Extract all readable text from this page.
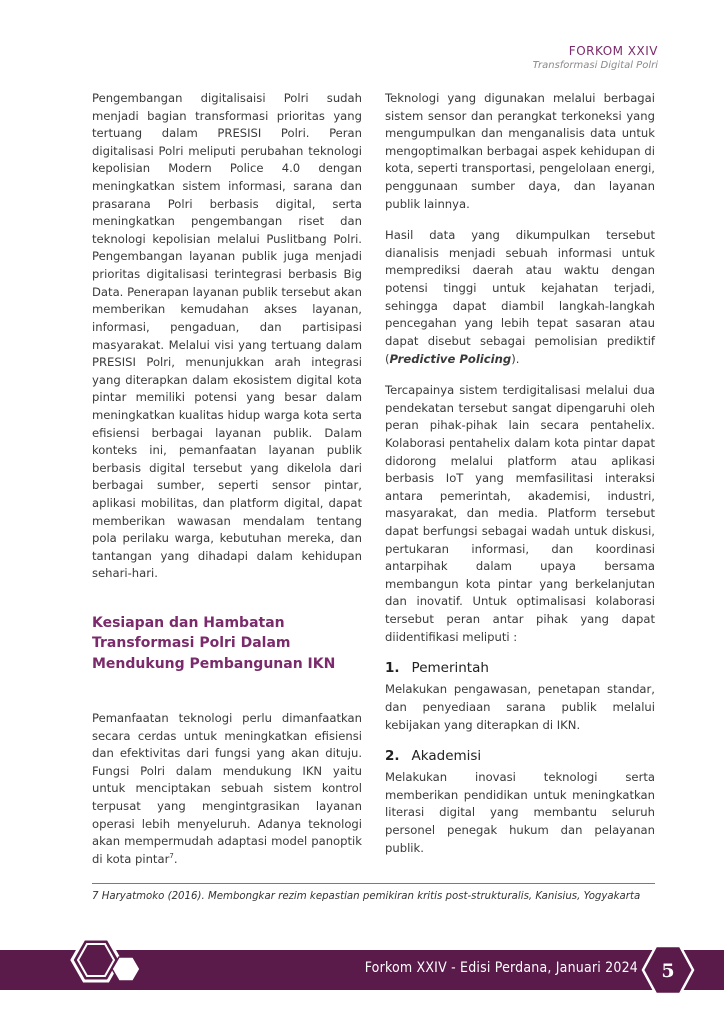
FORKOM XXIV
Transformasi Digital Polri

Pengembangan digitalisaisi Polri sudah menjadi bagian transformasi prioritas yang tertuang dalam PRESISI Polri. Peran digitalisasi Polri meliputi perubahan teknologi kepolisian Modern Police 4.0 dengan meningkatkan sistem informasi, sarana dan prasarana Polri berbasis digital, serta meningkatkan pengembangan riset dan teknologi kepolisian melalui Puslitbang Polri. Pengembangan layanan publik juga menjadi prioritas digitalisasi terintegrasi berbasis Big Data. Penerapan layanan publik tersebut akan memberikan kemudahan akses layanan, informasi, pengaduan, dan partisipasi masyarakat. Melalui visi yang tertuang dalam PRESISI Polri, menunjukkan arah integrasi yang diterapkan dalam ekosistem digital kota pintar memiliki potensi yang besar dalam meningkatkan kualitas hidup warga kota serta efisiensi berbagai layanan publik. Dalam konteks ini, pemanfaatan layanan publik berbasis digital tersebut yang dikelola dari berbagai sumber, seperti sensor pintar, aplikasi mobilitas, dan platform digital, dapat memberikan wawasan mendalam tentang pola perilaku warga, kebutuhan mereka, dan tantangan yang dihadapi dalam kehidupan sehari-hari.

Kesiapan dan Hambatan Transformasi Polri Dalam Mendukung Pembangunan IKN

Pemanfaatan teknologi perlu dimanfaatkan secara cerdas untuk meningkatkan efisiensi dan efektivitas dari fungsi yang akan dituju. Fungsi Polri dalam mendukung IKN yaitu untuk menciptakan sebuah sistem kontrol terpusat yang mengintgrasikan layanan operasi lebih menyeluruh. Adanya teknologi akan mempermudah adaptasi model panoptik di kota pintar$^7$.

Teknologi yang digunakan melalui berbagai sistem sensor dan perangkat terkoneksi yang mengumpulkan dan menganalisis data untuk mengoptimalkan berbagai aspek kehidupan di kota, seperti transportasi, pengelolaan energi, penggunaan sumber daya, dan layanan publik lainnya.

Hasil data yang dikumpulkan tersebut dianalisis menjadi sebuah informasi untuk memprediksi daerah atau waktu dengan potensi tinggi untuk kejahatan terjadi, sehingga dapat diambil langkah-langkah pencegahan yang lebih tepat sasaran atau dapat disebut sebagai pemolisian prediktif (Predictive Policing).

Tercapainya sistem terdigitalisasi melalui dua pendekatan tersebut sangat dipengaruhi oleh peran pihak-pihak lain secara pentahelix. Kolaborasi pentahelix dalam kota pintar dapat didorong melalui platform atau aplikasi berbasis IoT yang memfasilitasi interaksi antara pemerintah, akademisi, industri, masyarakat, dan media. Platform tersebut dapat berfungsi sebagai wadah untuk diskusi, pertukaran informasi, dan koordinasi antarpihak dalam upaya bersama membangun kota pintar yang berkelanjutan dan inovatif. Untuk optimalisasi kolaborasi tersebut peran antar pihak yang dapat diidentifikasi meliputi :

1. Pemerintah

Melakukan pengawasan, penetapan standar, dan penyediaan sarana publik melalui kebijakan yang diterapkan di IKN.

2. Akademisi

Melakukan inovasi teknologi serta memberikan pendidikan untuk meningkatkan literasi digital yang membantu seluruh personel penegak hukum dan pelayanan publik.

7 Haryatmoko (2016). Membongkar rezim kepastian pemikiran kritis post-strukturalis, Kanisius, Yogyakarta
Forkom XXIV - Edisi Perdana, Januari 2024 5
